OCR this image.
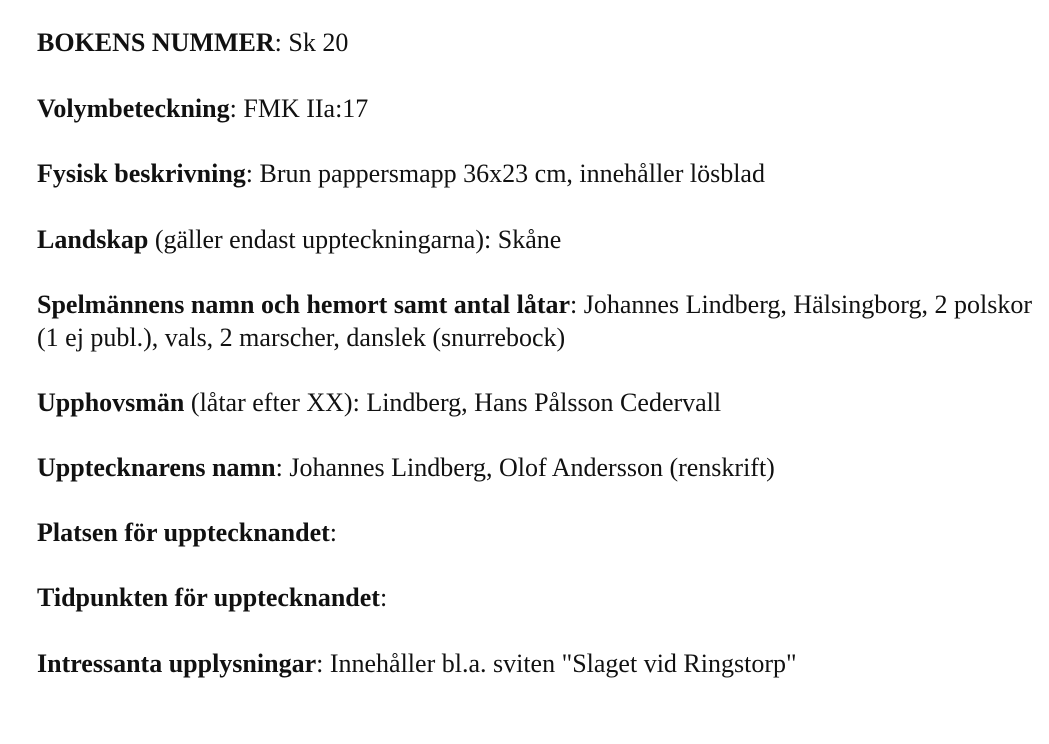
BOKENS NUMMER: Sk 20

Volymbeteckning: FMK IIa:17

Fysisk beskrivning: Brun pappersmapp 36x23 cm, innehåller lösblad

Landskap (gäller endast uppteckningarna): Skåne

Spelmännens namn och hemort samt antal låtar: Johannes Lindberg, Hälsingborg, 2 polskor (1 ej publ.), vals, 2 marscher, danslek (snurrebock)

Upphovsmän (låtar efter XX): Lindberg, Hans Pålsson Cedervall

Upptecknarens namn: Johannes Lindberg, Olof Andersson (renskrift)

Platsen för upptecknandet:

Tidpunkten för upptecknandet:

Intressanta upplysningar: Innehåller bl.a. sviten "Slaget vid Ringstorp"
